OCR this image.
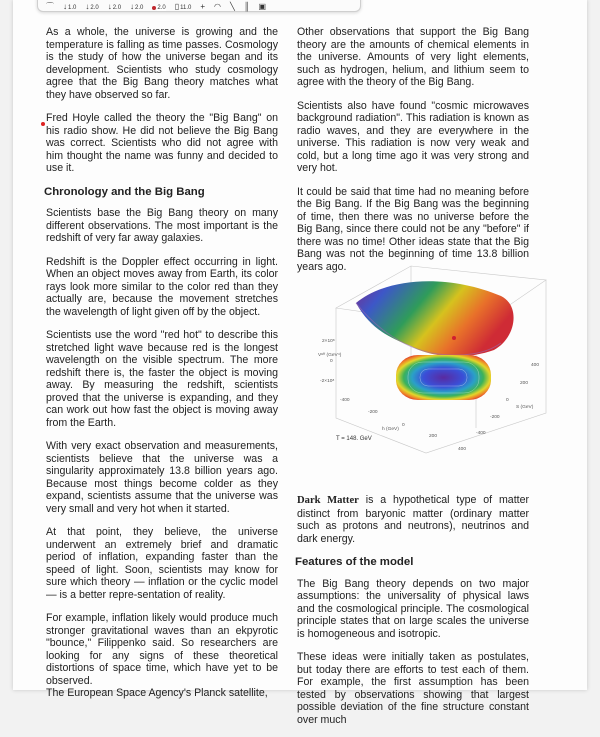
⌒ ↓ 1.0 ↓ 2.0 ↓ 2.0 ↓ 2.0 2.0 ▯ 11.0 + ◠ ╲ ║ ▣

As a whole, the universe is growing and the temperature is falling as time passes. Cosmology is the study of how the universe began and its development. Scientists who study cosmology agree that the Big Bang theory matches what they have observed so far.

Fred Hoyle called the theory the "Big Bang" on his radio show. He did not believe the Big Bang was correct. Scientists who did not agree with him thought the name was funny and decided to use it.

Chronology and the Big Bang

Scientists base the Big Bang theory on many different observations. The most important is the redshift of very far away galaxies.

Redshift is the Doppler effect occurring in light. When an object moves away from Earth, its color rays look more similar to the color red than they actually are, because the movement stretches the wavelength of light given off by the object.

Scientists use the word "red hot" to describe this stretched light wave because red is the longest wavelength on the visible spectrum. The more redshift there is, the faster the object is moving away. By measuring the redshift, scientists proved that the universe is expanding, and they can work out how fast the object is moving away from the Earth.

With very exact observation and measurements, scientists believe that the universe was a singularity approximately 13.8 billion years ago. Because most things become colder as they expand, scientists assume that the universe was very small and very hot when it started.

At that point, they believe, the universe underwent an extremely brief and dramatic period of inflation, expanding faster than the speed of light. Soon, scientists may know for sure which theory — inflation or the cyclic model — is a better repre-sentation of reality.

For example, inflation likely would produce much stronger gravitational waves than an ekpyrotic "bounce," Filippenko said. So researchers are looking for any signs of these theoretical distortions of space time, which have yet to be observed.

The European Space Agency's Planck satellite,

Other observations that support the Big Bang theory are the amounts of chemical elements in the universe. Amounts of very light elements, such as hydrogen, helium, and lithium seem to agree with the theory of the Big Bang.

Scientists also have found "cosmic microwaves background radiation". This radiation is known as radio waves, and they are everywhere in the universe. This radiation is now very weak and cold, but a long time ago it was very strong and very hot.

It could be said that time had no meaning before the Big Bang. If the Big Bang was the beginning of time, then there was no universe before the Big Bang, since there could not be any "before" if there was no time! Other ideas state that the Big Bang was not the beginning of time 13.8 billion years ago.

Dark Matter is a hypothetical type of matter distinct from baryonic matter (ordinary matter such as protons and neutrons), neutrinos and dark energy.

Features of the model

The Big Bang theory depends on two major assumptions: the universality of physical laws and the cosmological principle. The cosmological principle states that on large scales the universe is homogeneous and isotropic.

These ideas were initially taken as postulates, but today there are efforts to test each of them. For example, the first assumption has been tested by observations showing that largest possible deviation of the fine structure constant over much

2×10⁸
0
-2×10⁸
Vᵉᶠᶠ (GeV⁴)
-400
-200
0
200
400
h (GeV)
400
200
0
-200
-400
S (GeV)
T = 148. GeV
